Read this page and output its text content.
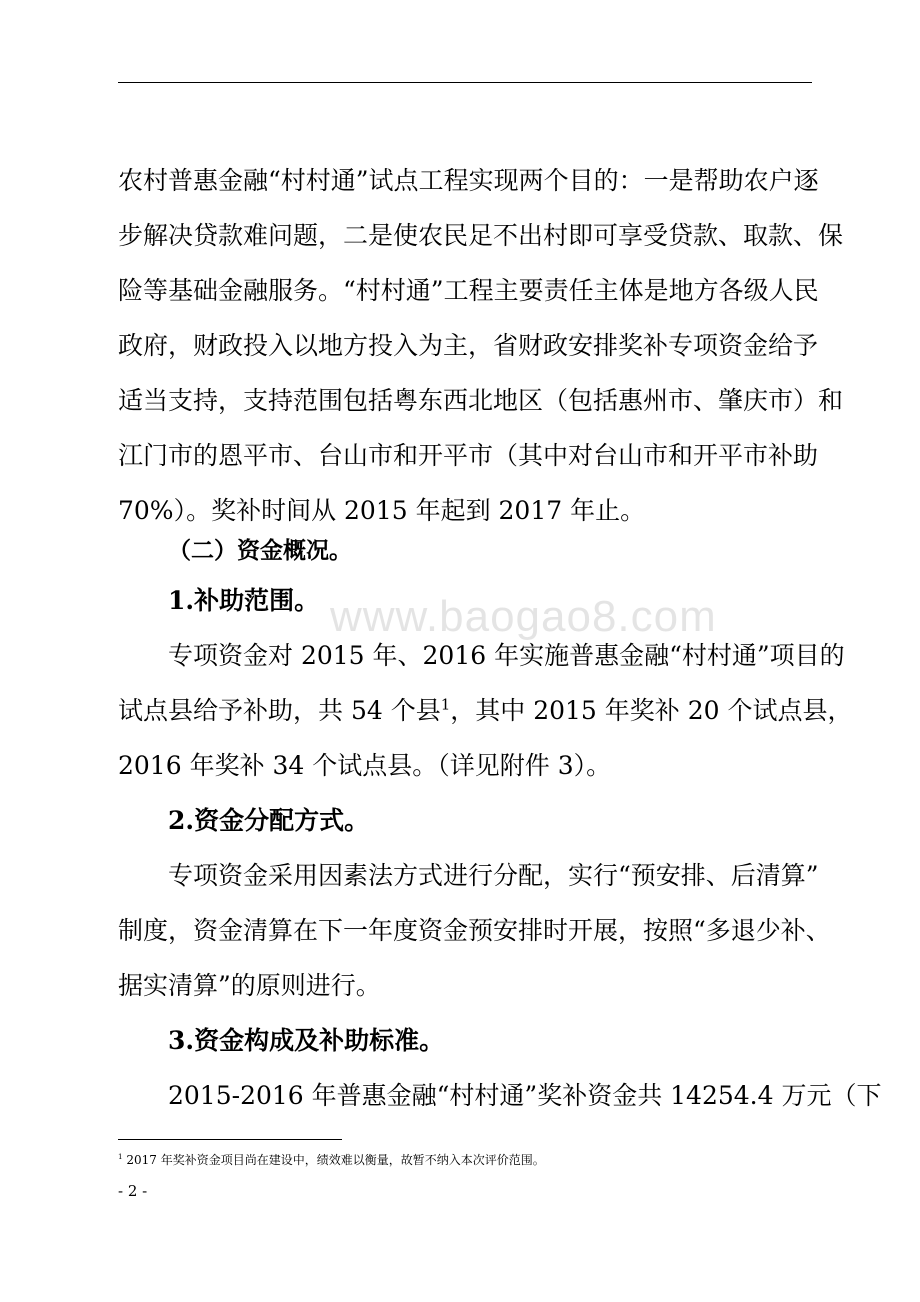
www.baogao8.com
农村普惠金融“村村通”试点工程实现两个目的：一是帮助农户逐
步解决贷款难问题，二是使农民足不出村即可享受贷款、取款、保
险等基础金融服务。“村村通”工程主要责任主体是地方各级人民
政府，财政投入以地方投入为主，省财政安排奖补专项资金给予
适当支持，支持范围包括粤东西北地区（包括惠州市、肇庆市）和
江门市的恩平市、台山市和开平市（其中对台山市和开平市补助
70%）。奖补时间从 2015 年起到 2017 年止。
（二）资金概况。
1.补助范围。
专项资金对 2015 年、2016 年实施普惠金融“村村通”项目的
试点县给予补助，共 54 个县$^1$，其中 2015 年奖补 20 个试点县，
2016 年奖补 34 个试点县。（详见附件 3）。
2.资金分配方式。
专项资金采用因素法方式进行分配，实行“预安排、后清算”
制度，资金清算在下一年度资金预安排时开展，按照“多退少补、
据实清算”的原则进行。
3.资金构成及补助标准。
2015-2016 年普惠金融“村村通”奖补资金共 14254.4 万元（下
$^1$ 2017 年奖补资金项目尚在建设中，绩效难以衡量，故暂不纳入本次评价范围。
- 2 -
